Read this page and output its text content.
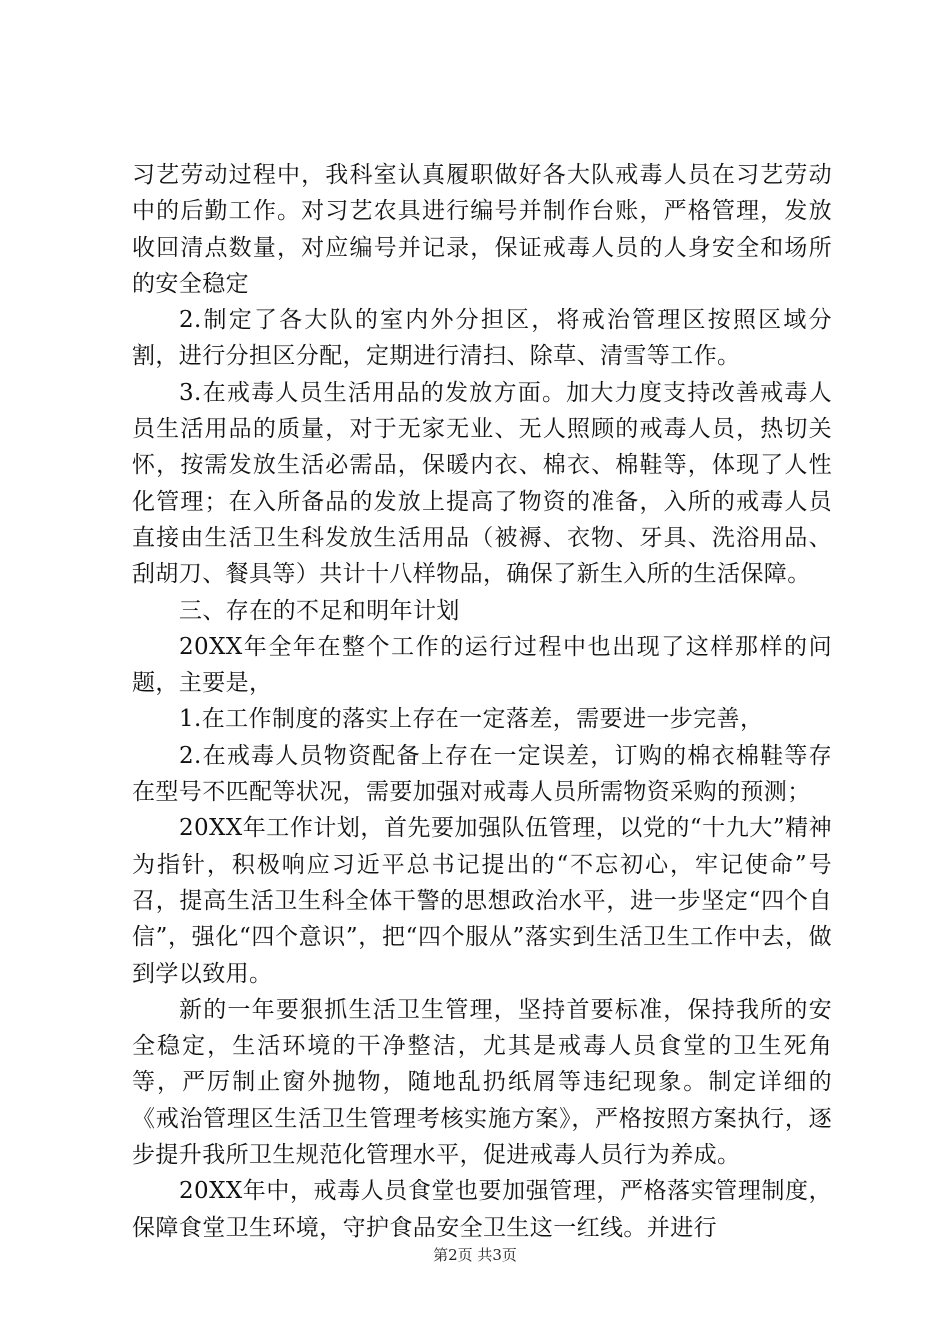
习艺劳动过程中，我科室认真履职做好各大队戒毒人员在习艺劳动中的后勤工作。对习艺农具进行编号并制作台账，严格管理，发放收回清点数量，对应编号并记录，保证戒毒人员的人身安全和场所的安全稳定

2.制定了各大队的室内外分担区，将戒治管理区按照区域分割，进行分担区分配，定期进行清扫、除草、清雪等工作。

3.在戒毒人员生活用品的发放方面。加大力度支持改善戒毒人员生活用品的质量，对于无家无业、无人照顾的戒毒人员，热切关怀，按需发放生活必需品，保暖内衣、棉衣、棉鞋等，体现了人性化管理；在入所备品的发放上提高了物资的准备，入所的戒毒人员直接由生活卫生科发放生活用品（被褥、衣物、牙具、洗浴用品、刮胡刀、餐具等）共计十八样物品，确保了新生入所的生活保障。

三、存在的不足和明年计划

20XX年全年在整个工作的运行过程中也出现了这样那样的问题，主要是，

1.在工作制度的落实上存在一定落差，需要进一步完善，

2.在戒毒人员物资配备上存在一定误差，订购的棉衣棉鞋等存在型号不匹配等状况，需要加强对戒毒人员所需物资采购的预测；

20XX年工作计划，首先要加强队伍管理，以党的“十九大”精神为指针，积极响应习近平总书记提出的“不忘初心，牢记使命”号召，提高生活卫生科全体干警的思想政治水平，进一步坚定“四个自信”，强化“四个意识”，把“四个服从”落实到生活卫生工作中去，做到学以致用。

新的一年要狠抓生活卫生管理，坚持首要标准，保持我所的安全稳定，生活环境的干净整洁，尤其是戒毒人员食堂的卫生死角等，严厉制止窗外抛物，随地乱扔纸屑等违纪现象。制定详细的《戒治管理区生活卫生管理考核实施方案》，严格按照方案执行，逐步提升我所卫生规范化管理水平，促进戒毒人员行为养成。

20XX年中，戒毒人员食堂也要加强管理，严格落实管理制度，保障食堂卫生环境，守护食品安全卫生这一红线。并进行

第2页 共3页
